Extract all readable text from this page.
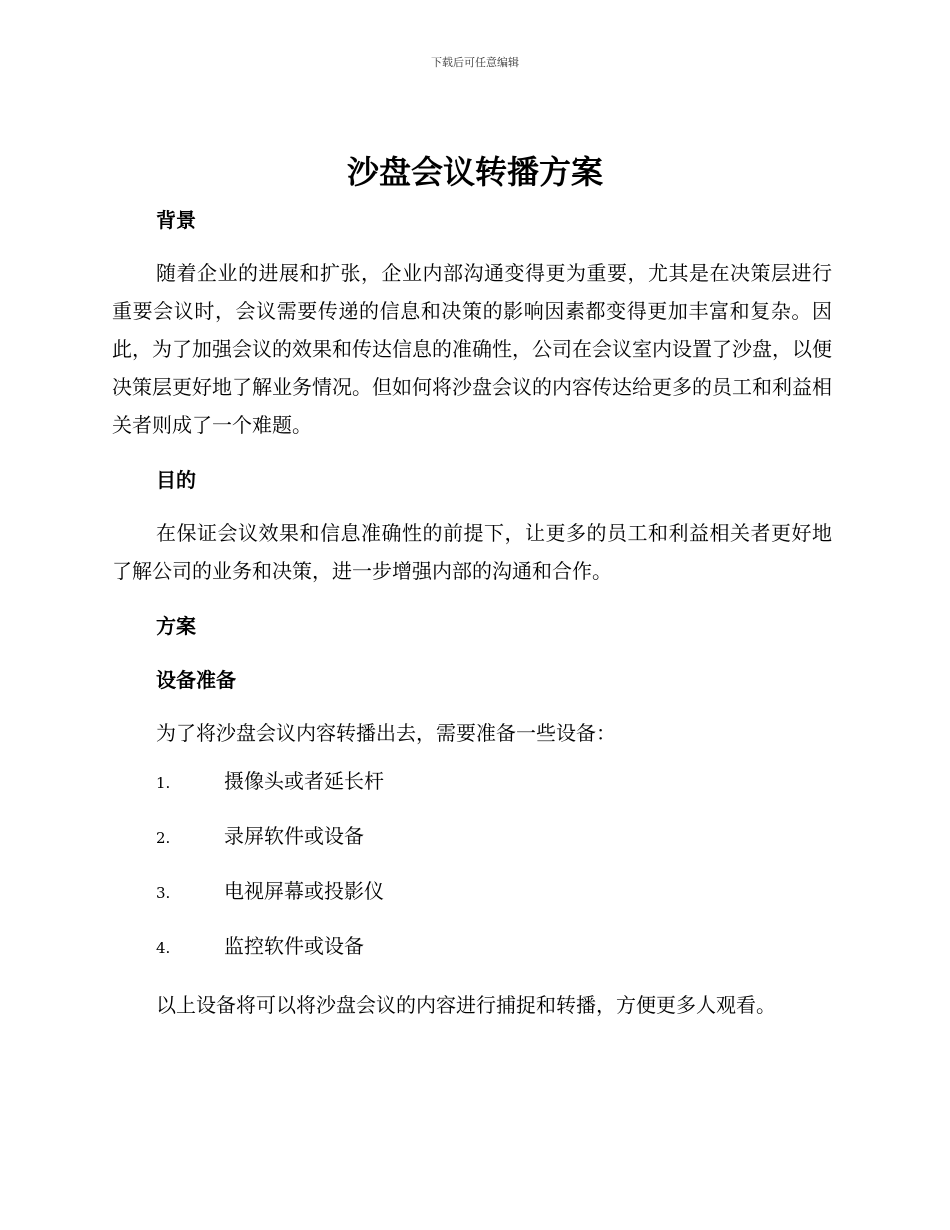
下载后可任意编辑
沙盘会议转播方案
背景

随着企业的进展和扩张，企业内部沟通变得更为重要，尤其是在决策层进行重要会议时，会议需要传递的信息和决策的影响因素都变得更加丰富和复杂。因此，为了加强会议的效果和传达信息的准确性，公司在会议室内设置了沙盘，以便决策层更好地了解业务情况。但如何将沙盘会议的内容传达给更多的员工和利益相关者则成了一个难题。

目的

在保证会议效果和信息准确性的前提下，让更多的员工和利益相关者更好地了解公司的业务和决策，进一步增强内部的沟通和合作。

方案
设备准备

为了将沙盘会议内容转播出去，需要准备一些设备：

1.	摄像头或者延长杆
2.	录屏软件或设备
3.	电视屏幕或投影仪
4.	监控软件或设备

以上设备将可以将沙盘会议的内容进行捕捉和转播，方便更多人观看。
